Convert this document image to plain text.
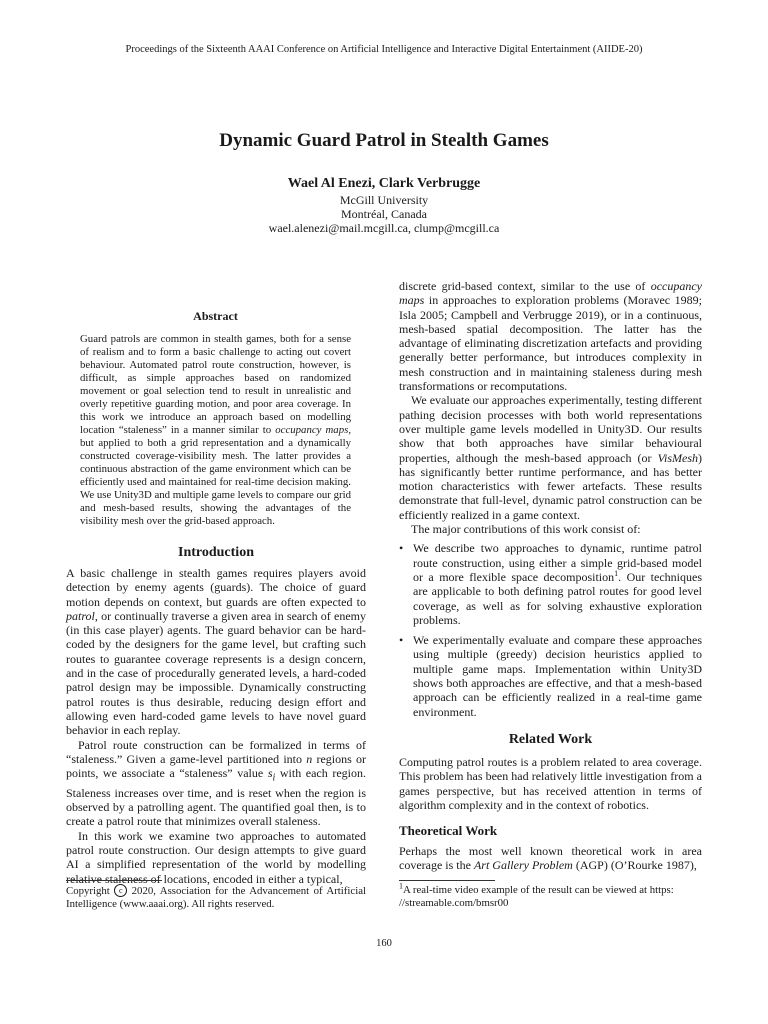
Proceedings of the Sixteenth AAAI Conference on Artificial Intelligence and Interactive Digital Entertainment (AIIDE-20)
Dynamic Guard Patrol in Stealth Games
Wael Al Enezi, Clark Verbrugge
McGill University
Montréal, Canada
wael.alenezi@mail.mcgill.ca, clump@mcgill.ca
Abstract
Guard patrols are common in stealth games, both for a sense of realism and to form a basic challenge to acting out covert behaviour. Automated patrol route construction, however, is difficult, as simple approaches based on randomized movement or goal selection tend to result in unrealistic and overly repetitive guarding motion, and poor area coverage. In this work we introduce an approach based on modelling location “staleness” in a manner similar to occupancy maps, but applied to both a grid representation and a dynamically constructed coverage-visibility mesh. The latter provides a continuous abstraction of the game environment which can be efficiently used and maintained for real-time decision making. We use Unity3D and multiple game levels to compare our grid and mesh-based results, showing the advantages of the visibility mesh over the grid-based approach.
Introduction

A basic challenge in stealth games requires players avoid detection by enemy agents (guards). The choice of guard motion depends on context, but guards are often expected to patrol, or continually traverse a given area in search of enemy (in this case player) agents. The guard behavior can be hard-coded by the designers for the game level, but crafting such routes to guarantee coverage represents is a design concern, and in the case of procedurally generated levels, a hard-coded patrol design may be impossible. Dynamically constructing patrol routes is thus desirable, reducing design effort and allowing even hard-coded game levels to have novel guard behavior in each replay.

Patrol route construction can be formalized in terms of “staleness.” Given a game-level partitioned into n regions or points, we associate a “staleness” value $s_i$ with each region. Staleness increases over time, and is reset when the region is observed by a patrolling agent. The quantified goal then, is to create a patrol route that minimizes overall staleness.

In this work we examine two approaches to automated patrol route construction. Our design attempts to give guard AI a simplified representation of the world by modelling relative staleness of locations, encoded in either a typical,

discrete grid-based context, similar to the use of occupancy maps in approaches to exploration problems (Moravec 1989; Isla 2005; Campbell and Verbrugge 2019), or in a continuous, mesh-based spatial decomposition. The latter has the advantage of eliminating discretization artefacts and providing generally better performance, but introduces complexity in mesh construction and in maintaining staleness during mesh transformations or recomputations.

We evaluate our approaches experimentally, testing different pathing decision processes with both world representations over multiple game levels modelled in Unity3D. Our results show that both approaches have similar behavioural properties, although the mesh-based approach (or VisMesh) has significantly better runtime performance, and has better motion characteristics with fewer artefacts. These results demonstrate that full-level, dynamic patrol construction can be efficiently realized in a game context.

The major contributions of this work consist of:

• We describe two approaches to dynamic, runtime patrol route construction, using either a simple grid-based model or a more flexible space decomposition$^1$. Our techniques are applicable to both defining patrol routes for good level coverage, as well as for solving exhaustive exploration problems.
• We experimentally evaluate and compare these approaches using multiple (greedy) decision heuristics applied to multiple game maps. Implementation within Unity3D shows both approaches are effective, and that a mesh-based approach can be efficiently realized in a real-time game environment.
Related Work

Computing patrol routes is a problem related to area coverage. This problem has been had relatively little investigation from a games perspective, but has received attention in terms of algorithm complexity and in the context of robotics.

Theoretical Work

Perhaps the most well known theoretical work in area coverage is the Art Gallery Problem (AGP) (O’Rourke 1987),

Copyright c 2020, Association for the Advancement of Artificial Intelligence (www.aaai.org). All rights reserved.
$^1$A real-time video example of the result can be viewed at https: //streamable.com/bmsr00
160
